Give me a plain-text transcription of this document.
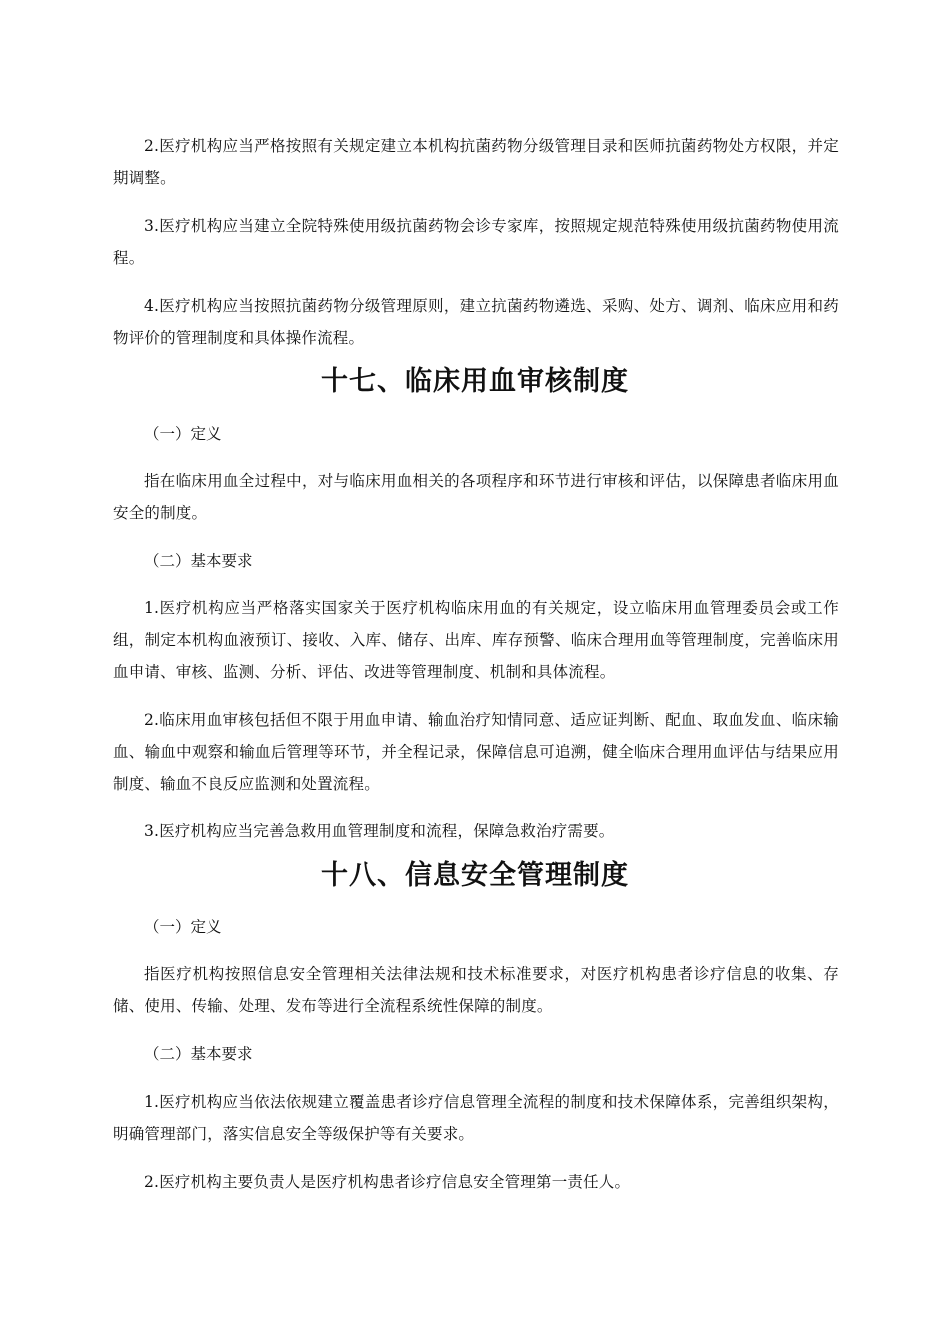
2.医疗机构应当严格按照有关规定建立本机构抗菌药物分级管理目录和医师抗菌药物处方权限，并定期调整。

3.医疗机构应当建立全院特殊使用级抗菌药物会诊专家库，按照规定规范特殊使用级抗菌药物使用流程。

4.医疗机构应当按照抗菌药物分级管理原则，建立抗菌药物遴选、采购、处方、调剂、临床应用和药物评价的管理制度和具体操作流程。

十七、临床用血审核制度

（一）定义

指在临床用血全过程中，对与临床用血相关的各项程序和环节进行审核和评估，以保障患者临床用血安全的制度。

（二）基本要求

1.医疗机构应当严格落实国家关于医疗机构临床用血的有关规定，设立临床用血管理委员会或工作组，制定本机构血液预订、接收、入库、储存、出库、库存预警、临床合理用血等管理制度，完善临床用血申请、审核、监测、分析、评估、改进等管理制度、机制和具体流程。

2.临床用血审核包括但不限于用血申请、输血治疗知情同意、适应证判断、配血、取血发血、临床输血、输血中观察和输血后管理等环节，并全程记录，保障信息可追溯，健全临床合理用血评估与结果应用制度、输血不良反应监测和处置流程。

3.医疗机构应当完善急救用血管理制度和流程，保障急救治疗需要。

十八、信息安全管理制度

（一）定义

指医疗机构按照信息安全管理相关法律法规和技术标准要求，对医疗机构患者诊疗信息的收集、存储、使用、传输、处理、发布等进行全流程系统性保障的制度。

（二）基本要求

1.医疗机构应当依法依规建立覆盖患者诊疗信息管理全流程的制度和技术保障体系，完善组织架构，明确管理部门，落实信息安全等级保护等有关要求。

2.医疗机构主要负责人是医疗机构患者诊疗信息安全管理第一责任人。
